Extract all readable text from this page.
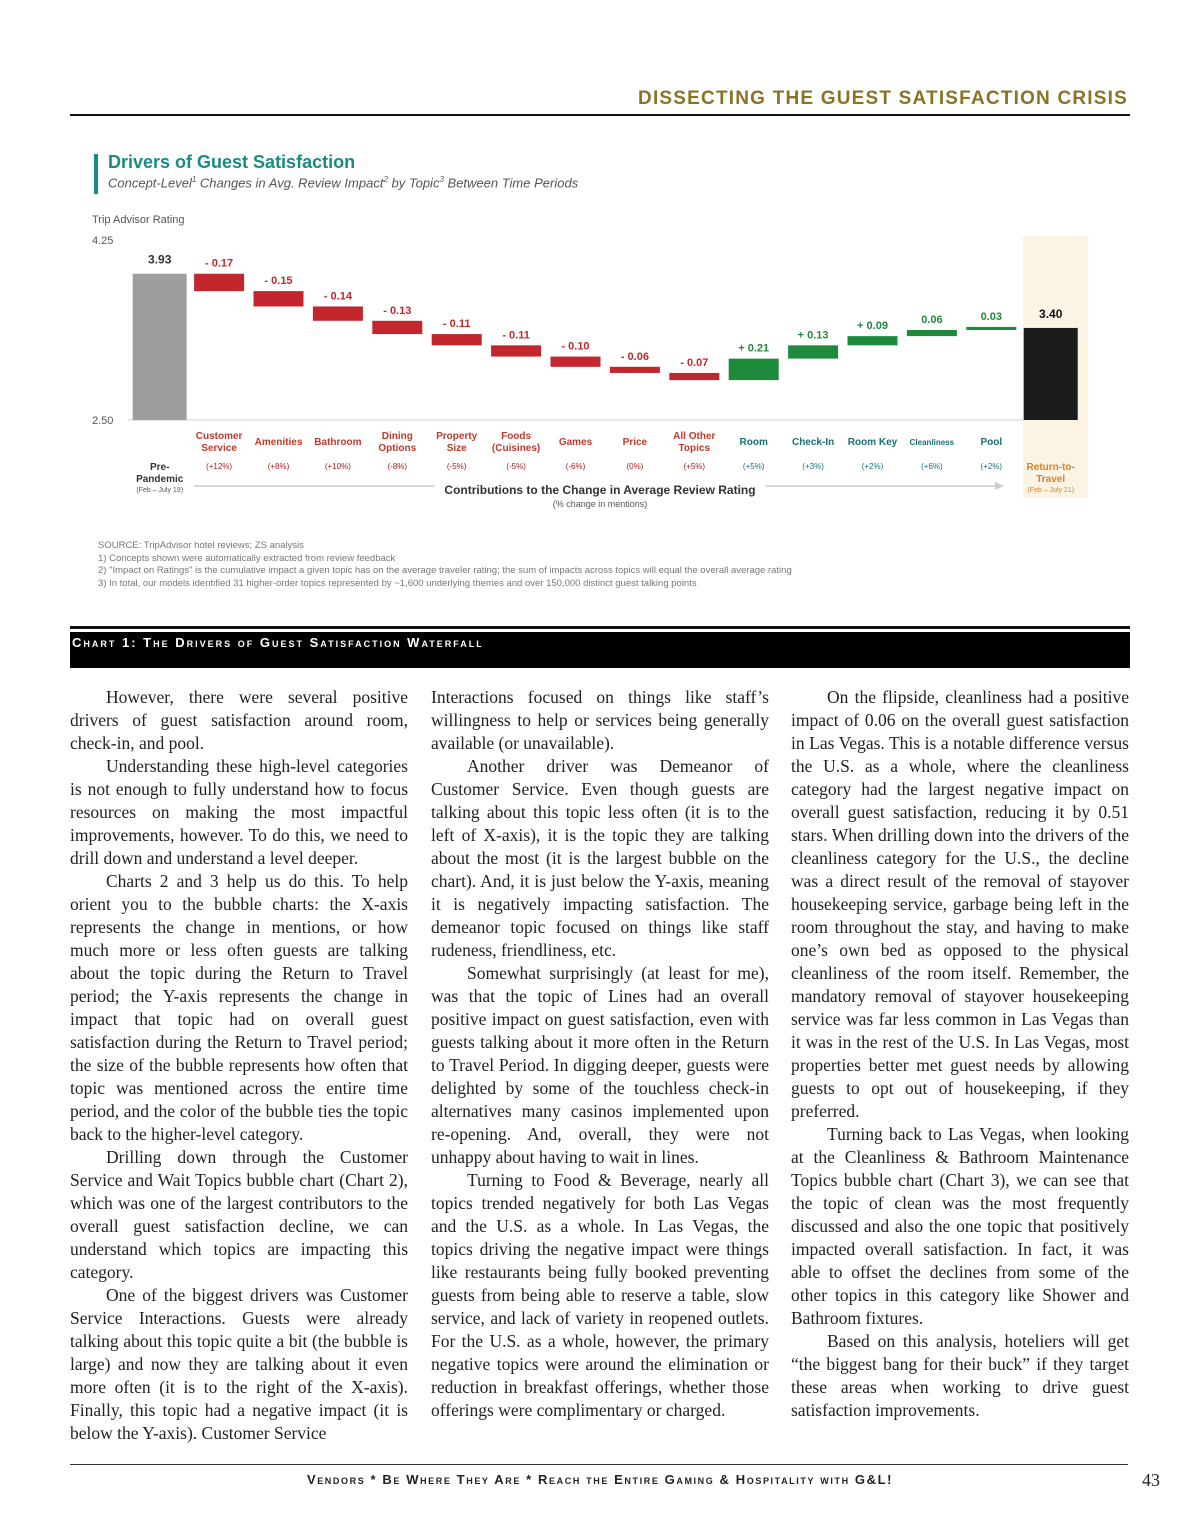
DISSECTING THE GUEST SATISFACTION CRISIS
Trip Advisor Rating
4.25
2.50
3.93
Pre-
Pandemic
(Feb – July 19)
- 0.17
Customer
Service
(+12%)
- 0.15
Amenities
(+8%)
- 0.14
Bathroom
(+10%)
- 0.13
Dining
Options
(-8%)
- 0.11
Property
Size
(-5%)
- 0.11
Foods
(Cuisines)
(-5%)
- 0.10
Games
(-6%)
- 0.06
Price
(0%)
- 0.07
All Other
Topics
(+5%)
+ 0.21
Room
(+5%)
+ 0.13
Check-In
(+3%)
+ 0.09
Room Key
(+2%)
0.06
Cleanliness
(+6%)
0.03
Pool
(+2%)
3.40
Return-to-
Travel
(Feb – July 21)
Contributions to the Change in Average Review Rating
(% change in mentions)
Drivers of Guest Satisfaction
Concept-Level$^1$ Changes in Avg. Review Impact$^2$ by Topic$^3$ Between Time Periods
SOURCE: TripAdvisor hotel reviews; ZS analysis
1) Concepts shown were automatically extracted from review feedback
2) "Impact on Ratings" is the cumulative impact a given topic has on the average traveler rating; the sum of impacts across topics will equal the overall average rating
3) In total, our models identified 31 higher-order topics represented by ~1,600 underlying themes and over 150,000 distinct guest talking points
Chart 1: The Drivers of Guest Satisfaction Waterfall

However, there were several positive drivers of guest satisfaction around room, check-in, and pool.

Understanding these high-level categories is not enough to fully understand how to focus resources on making the most impactful improvements, however. To do this, we need to drill down and understand a level deeper.

Charts 2 and 3 help us do this. To help orient you to the bubble charts: the X-axis represents the change in mentions, or how much more or less often guests are talking about the topic during the Return to Travel period; the Y-axis represents the change in impact that topic had on overall guest satisfaction during the Return to Travel period; the size of the bubble represents how often that topic was mentioned across the entire time period, and the color of the bubble ties the topic back to the higher-level category.

Drilling down through the Customer Service and Wait Topics bubble chart (Chart 2), which was one of the largest contributors to the overall guest satisfaction decline, we can understand which topics are impacting this category.

One of the biggest drivers was Customer Service Interactions. Guests were already talking about this topic quite a bit (the bubble is large) and now they are talking about it even more often (it is to the right of the X-axis). Finally, this topic had a negative impact (it is below the Y-axis). Customer Service

Interactions focused on things like staff’s willingness to help or services being generally available (or unavailable).

Another driver was Demeanor of Customer Service. Even though guests are talking about this topic less often (it is to the left of X-axis), it is the topic they are talking about the most (it is the largest bubble on the chart). And, it is just below the Y-axis, meaning it is negatively impacting satisfaction. The demeanor topic focused on things like staff rudeness, friendliness, etc.

Somewhat surprisingly (at least for me), was that the topic of Lines had an overall positive impact on guest satisfaction, even with guests talking about it more often in the Return to Travel Period. In digging deeper, guests were delighted by some of the touchless check-in alternatives many casinos implemented upon re-opening. And, overall, they were not unhappy about having to wait in lines.

Turning to Food & Beverage, nearly all topics trended negatively for both Las Vegas and the U.S. as a whole. In Las Vegas, the topics driving the negative impact were things like restaurants being fully booked preventing guests from being able to reserve a table, slow service, and lack of variety in reopened outlets. For the U.S. as a whole, however, the primary negative topics were around the elimination or reduction in breakfast offerings, whether those offerings were complimentary or charged.

On the flipside, cleanliness had a positive impact of 0.06 on the overall guest satisfaction in Las Vegas. This is a notable difference versus the U.S. as a whole, where the cleanliness category had the largest negative impact on overall guest satisfaction, reducing it by 0.51 stars. When drilling down into the drivers of the cleanliness category for the U.S., the decline was a direct result of the removal of stayover housekeeping service, garbage being left in the room throughout the stay, and having to make one’s own bed as opposed to the physical cleanliness of the room itself. Remember, the mandatory removal of stayover housekeeping service was far less common in Las Vegas than it was in the rest of the U.S. In Las Vegas, most properties better met guest needs by allowing guests to opt out of housekeeping, if they preferred.

Turning back to Las Vegas, when looking at the Cleanliness & Bathroom Maintenance Topics bubble chart (Chart 3), we can see that the topic of clean was the most frequently discussed and also the one topic that positively impacted overall satisfaction. In fact, it was able to offset the declines from some of the other topics in this category like Shower and Bathroom fixtures.

Based on this analysis, hoteliers will get “the biggest bang for their buck” if they target these areas when working to drive guest satisfaction improvements.

Vendors * Be Where They Are * Reach the Entire Gaming & Hospitality with G&L!	43
